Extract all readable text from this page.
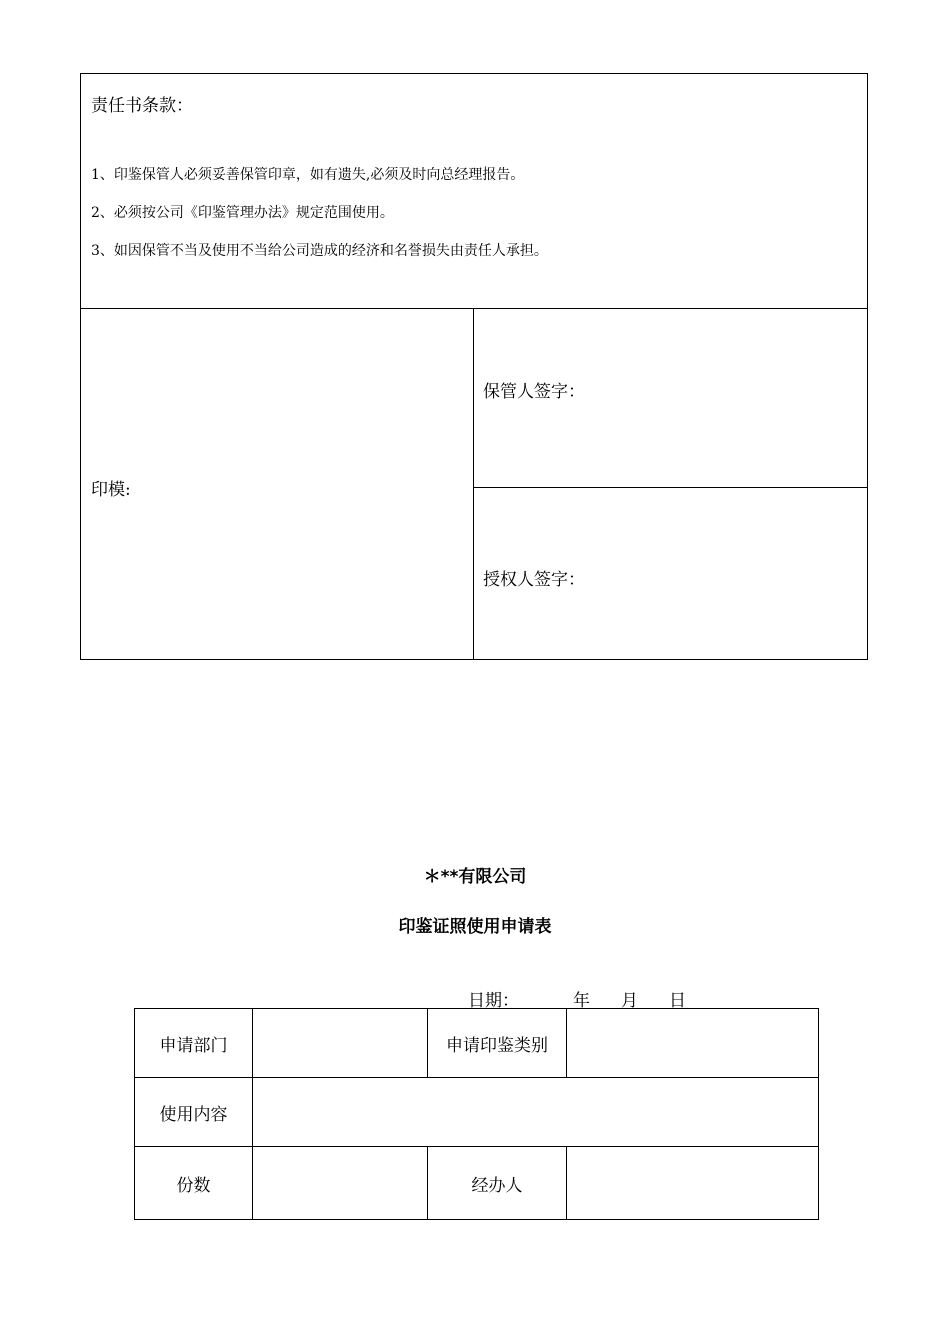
责任书条款：
1、印鉴保管人必须妥善保管印章，如有遗失,必须及时向总经理报告。
2、必须按公司《印鉴管理办法》规定范围使用。
3、如因保管不当及使用不当给公司造成的经济和名誉损失由责任人承担。
印模:
保管人签字：
授权人签字：
＊**有限公司
印鉴证照使用申请表
日期：	年 月 日
申请部门		申请印鉴类别	
使用内容			
份数		经办人	
